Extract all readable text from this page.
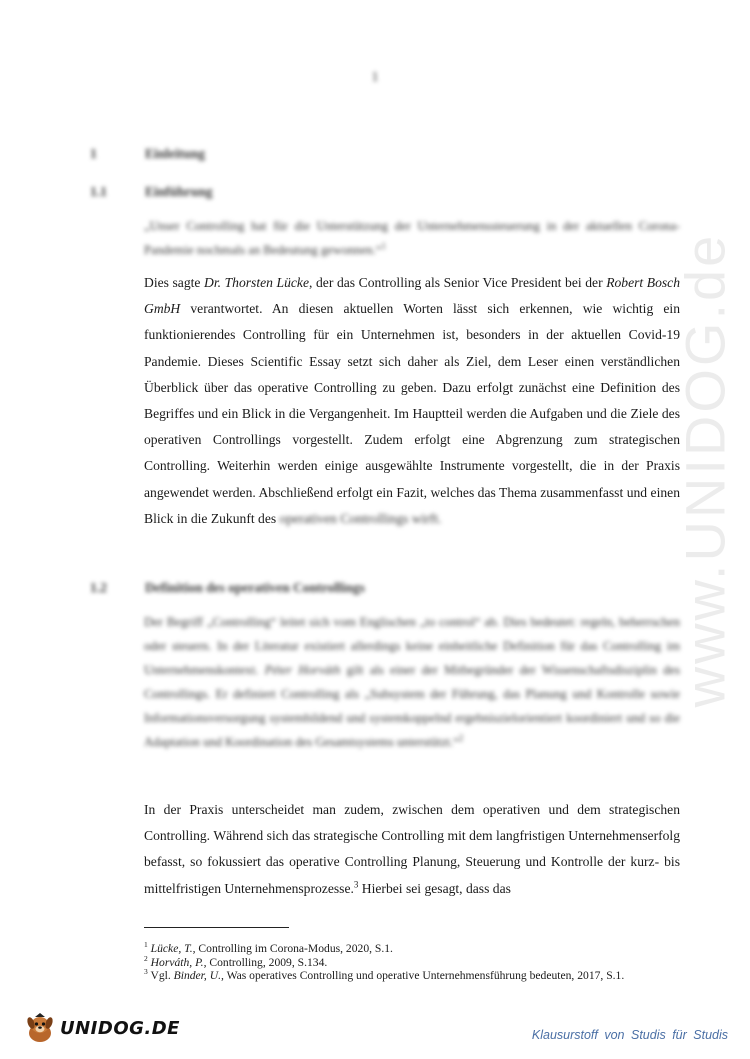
www.UNIDOG.de
1
1	Einleitung
1.1	Einführung
„Unser Controlling hat für die Unterstützung der Unternehmenssteuerung in der aktuellen Corona-Pandemie nochmals an Bedeutung gewonnen.“$^1$
Dies sagte Dr. Thorsten Lücke, der das Controlling als Senior Vice President bei der Robert Bosch GmbH verantwortet. An diesen aktuellen Worten lässt sich erkennen, wie wichtig ein funktionierendes Controlling für ein Unternehmen ist, besonders in der aktuellen Covid-19 Pandemie. Dieses Scientific Essay setzt sich daher als Ziel, dem Leser einen verständlichen Überblick über das operative Controlling zu geben. Dazu erfolgt zunächst eine Definition des Begriffes und ein Blick in die Vergangenheit. Im Hauptteil werden die Aufgaben und die Ziele des operativen Controllings vorgestellt. Zudem erfolgt eine Abgrenzung zum strategischen Controlling. Weiterhin werden einige ausgewählte Instrumente vorgestellt, die in der Praxis angewendet werden. Abschließend erfolgt ein Fazit, welches das Thema zusammenfasst und einen Blick in die Zukunft des operativen Controllings wirft.
1.2	Definition des operativen Controllings
Der Begriff „Controlling“ leitet sich vom Englischen „to control“ ab. Dies bedeutet: regeln, beherrschen oder steuern. In der Literatur existiert allerdings keine einheitliche Definition für das Controlling im Unternehmenskontext. Péter Horváth gilt als einer der Mitbegründer der Wissenschaftsdisziplin des Controllings. Er definiert Controlling als „Subsystem der Führung, das Planung und Kontrolle sowie Informationsversorgung systembildend und systemkoppelnd ergebniszielorientiert koordiniert und so die Adaptation und Koordination des Gesamtsystems unterstützt.“$^2$
In der Praxis unterscheidet man zudem, zwischen dem operativen und dem strategischen Controlling. Während sich das strategische Controlling mit dem langfristigen Unternehmenserfolg befasst, so fokussiert das operative Controlling Planung, Steuerung und Kontrolle der kurz- bis mittelfristigen Unternehmensprozesse.$^3$ Hierbei sei gesagt, dass das
$^1$ Lücke, T., Controlling im Corona-Modus, 2020, S.1.
$^2$ Horváth, P., Controlling, 2009, S.134.
$^3$ Vgl. Binder, U., Was operatives Controlling und operative Unternehmensführung bedeuten, 2017, S.1.
UNIDOG.DE	Klausurstoff von Studis für Studis
